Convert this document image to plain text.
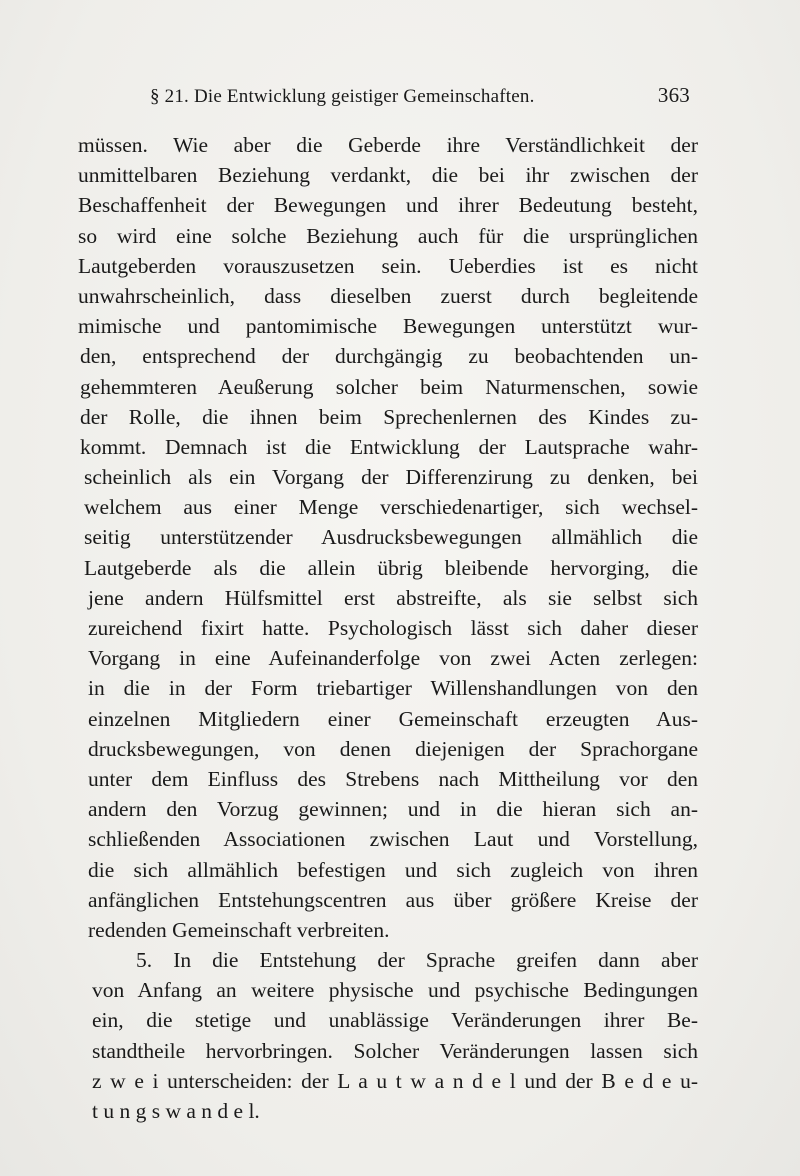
§ 21. Die Entwicklung geistiger Gemeinschaften.	363
müssen. Wie aber die Geberde ihre Verständlichkeit der
unmittelbaren Beziehung verdankt, die bei ihr zwischen der
Beschaffenheit der Bewegungen und ihrer Bedeutung besteht,
so wird eine solche Beziehung auch für die ursprünglichen
Lautgeberden vorauszusetzen sein. Ueberdies ist es nicht
unwahrscheinlich, dass dieselben zuerst durch begleitende
mimische und pantomimische Bewegungen unterstützt wur-
den, entsprechend der durchgängig zu beobachtenden un-
gehemmteren Aeußerung solcher beim Naturmenschen, sowie
der Rolle, die ihnen beim Sprechenlernen des Kindes zu-
kommt. Demnach ist die Entwicklung der Lautsprache wahr-
scheinlich als ein Vorgang der Differenzirung zu denken, bei
welchem aus einer Menge verschiedenartiger, sich wechsel-
seitig unterstützender Ausdrucksbewegungen allmählich die
Lautgeberde als die allein übrig bleibende hervorging, die
jene andern Hülfsmittel erst abstreifte, als sie selbst sich
zureichend fixirt hatte. Psychologisch lässt sich daher dieser
Vorgang in eine Aufeinanderfolge von zwei Acten zerlegen:
in die in der Form triebartiger Willenshandlungen von den
einzelnen Mitgliedern einer Gemeinschaft erzeugten Aus-
drucksbewegungen, von denen diejenigen der Sprachorgane
unter dem Einfluss des Strebens nach Mittheilung vor den
andern den Vorzug gewinnen; und in die hieran sich an-
schließenden Associationen zwischen Laut und Vorstellung,
die sich allmählich befestigen und sich zugleich von ihren
anfänglichen Entstehungscentren aus über größere Kreise der
redenden Gemeinschaft verbreiten.
5. In die Entstehung der Sprache greifen dann aber
von Anfang an weitere physische und psychische Bedingungen
ein, die stetige und unablässige Veränderungen ihrer Be-
standtheile hervorbringen. Solcher Veränderungen lassen sich
z w e i unterscheiden: der L a u t w a n d e l und der B e d e u-
t u n g s w a n d e l.
